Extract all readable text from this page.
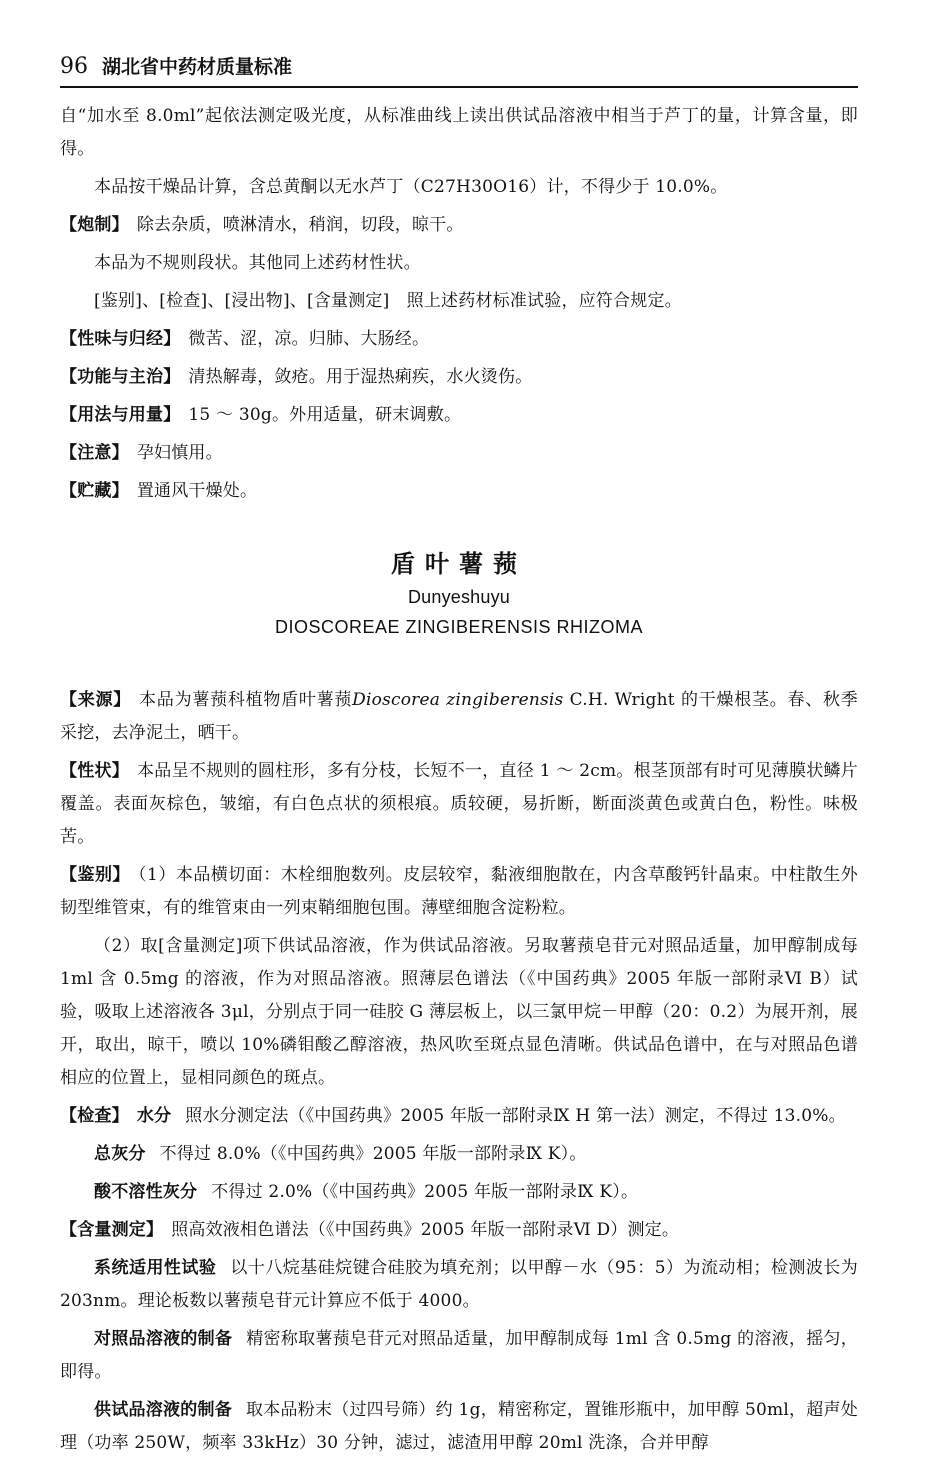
96 湖北省中药材质量标准

自“加水至 8.0ml”起依法测定吸光度，从标准曲线上读出供试品溶液中相当于芦丁的量，计算含量，即得。

本品按干燥品计算，含总黄酮以无水芦丁（C27H30O16）计，不得少于 10.0%。

【炮制】 除去杂质，喷淋清水，稍润，切段，晾干。

本品为不规则段状。其他同上述药材性状。

[鉴别]、[检查]、[浸出物]、[含量测定]　照上述药材标准试验，应符合规定。

【性味与归经】 微苦、涩，凉。归肺、大肠经。

【功能与主治】 清热解毒，敛疮。用于湿热痢疾，水火烫伤。

【用法与用量】 15 ～ 30g。外用适量，研末调敷。

【注意】 孕妇慎用。

【贮藏】 置通风干燥处。

盾叶薯蓣
Dunyeshuyu
DIOSCOREAE ZINGIBERENSIS RHIZOMA

【来源】 本品为薯蓣科植物盾叶薯蓣Dioscorea zingiberensis C.H. Wright 的干燥根茎。春、秋季采挖，去净泥土，晒干。

【性状】 本品呈不规则的圆柱形，多有分枝，长短不一，直径 1 ～ 2cm。根茎顶部有时可见薄膜状鳞片覆盖。表面灰棕色，皱缩，有白色点状的须根痕。质较硬，易折断，断面淡黄色或黄白色，粉性。味极苦。

【鉴别】 （1）本品横切面：木栓细胞数列。皮层较窄，黏液细胞散在，内含草酸钙针晶束。中柱散生外韧型维管束，有的维管束由一列束鞘细胞包围。薄壁细胞含淀粉粒。

（2）取[含量测定]项下供试品溶液，作为供试品溶液。另取薯蓣皂苷元对照品适量，加甲醇制成每 1ml 含 0.5mg 的溶液，作为对照品溶液。照薄层色谱法（《中国药典》2005 年版一部附录Ⅵ B）试验，吸取上述溶液各 3μl，分别点于同一硅胶 G 薄层板上，以三氯甲烷－甲醇（20：0.2）为展开剂，展开，取出，晾干，喷以 10%磷钼酸乙醇溶液，热风吹至斑点显色清晰。供试品色谱中，在与对照品色谱相应的位置上，显相同颜色的斑点。

【检查】 水分 照水分测定法（《中国药典》2005 年版一部附录Ⅸ H 第一法）测定，不得过 13.0%。

总灰分 不得过 8.0%（《中国药典》2005 年版一部附录Ⅸ K）。

酸不溶性灰分 不得过 2.0%（《中国药典》2005 年版一部附录Ⅸ K）。

【含量测定】 照高效液相色谱法（《中国药典》2005 年版一部附录Ⅵ D）测定。

系统适用性试验 以十八烷基硅烷键合硅胶为填充剂；以甲醇－水（95：5）为流动相；检测波长为 203nm。理论板数以薯蓣皂苷元计算应不低于 4000。

对照品溶液的制备 精密称取薯蓣皂苷元对照品适量，加甲醇制成每 1ml 含 0.5mg 的溶液，摇匀，即得。

供试品溶液的制备 取本品粉末（过四号筛）约 1g，精密称定，置锥形瓶中，加甲醇 50ml，超声处理（功率 250W，频率 33kHz）30 分钟，滤过，滤渣用甲醇 20ml 洗涤，合并甲醇
